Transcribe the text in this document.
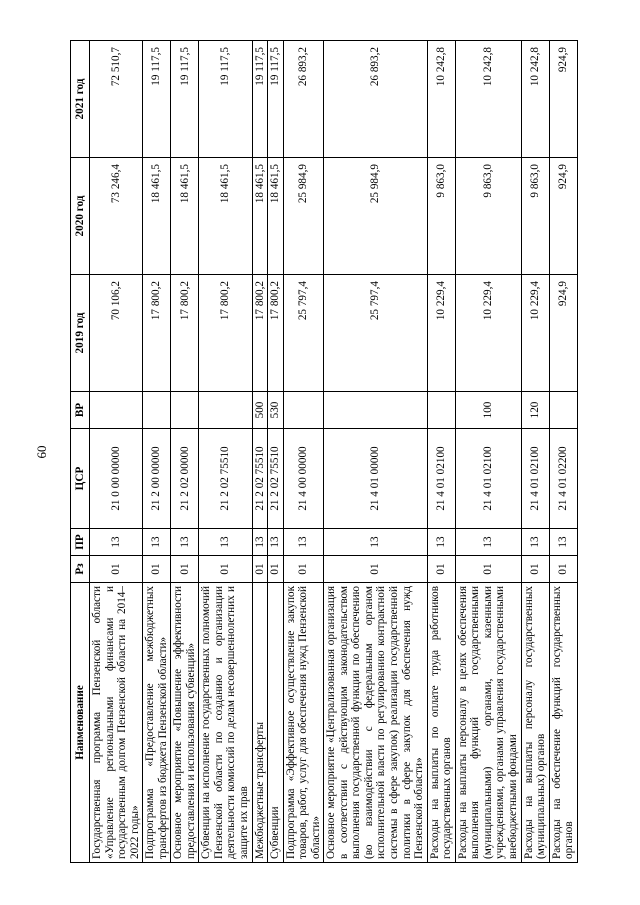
60
Наименование	Рз	ПР	ЦСР	ВР	2019 год	2020 год	2021 год
Государственная программа Пензенской области «Управление региональными финансами и государственным долгом Пензенской области на 2014–2022 годы»	01	13	21 0 00 00000		70 106,2	73 246,4	72 510,7
Подпрограмма «Предоставление межбюджетных трансфертов из бюджета Пензенской области»	01	13	21 2 00 00000		17 800,2	18 461,5	19 117,5
Основное мероприятие «Повышение эффективности предоставления и использования субвенций»	01	13	21 2 02 00000		17 800,2	18 461,5	19 117,5
Субвенции на исполнение государственных полномочий Пензенской области по созданию и организации деятельности комиссий по делам несовершеннолетних и защите их прав	01	13	21 2 02 75510		17 800,2	18 461,5	19 117,5
Межбюджетные трансферты	01	13	21 2 02 75510	500	17 800,2	18 461,5	19 117,5
Субвенции	01	13	21 2 02 75510	530	17 800,2	18 461,5	19 117,5
Подпрограмма «Эффективное осуществление закупок товаров, работ, услуг для обеспечения нужд Пензенской области»	01	13	21 4 00 00000		25 797,4	25 984,9	26 893,2
Основное мероприятие «Централизованная организация в соответствии с действующим законодательством выполнения государственной функции по обеспечению (во взаимодействии с федеральным органом исполнительной власти по регулированию контрактной системы в сфере закупок) реализации государственной политики в сфере закупок для обеспечения нужд Пензенской области»	01	13	21 4 01 00000		25 797,4	25 984,9	26 893,2
Расходы на выплаты по оплате труда работников государственных органов	01	13	21 4 01 02100		10 229,4	9 863,0	10 242,8
Расходы на выплаты персоналу в целях обеспечения выполнения функций государственными (муниципальными) органами, казенными учреждениями, органами управления государственными внебюджетными фондами	01	13	21 4 01 02100	100	10 229,4	9 863,0	10 242,8
Расходы на выплаты персоналу государственных (муниципальных) органов	01	13	21 4 01 02100	120	10 229,4	9 863,0	10 242,8
Расходы на обеспечение функций государственных органов	01	13	21 4 01 02200		924,9	924,9	924,9
